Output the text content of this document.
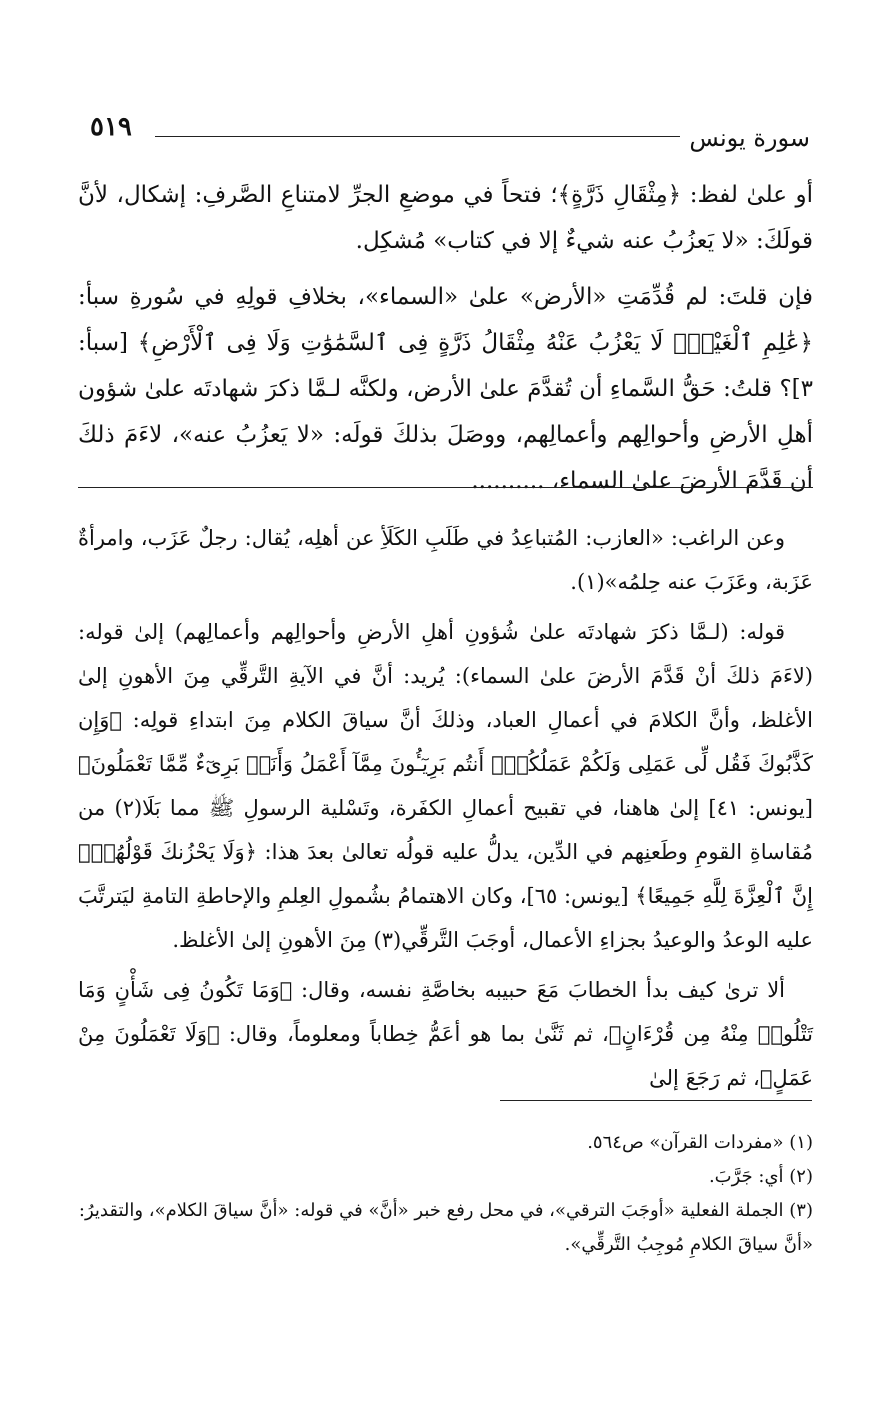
٥١٩	سورة يونس

أو علىٰ لفظ: ﴿مِثْقَالِ ذَرَّةٍ﴾؛ فتحاً في موضعِ الجرِّ لامتناعِ الصَّرفِ: إشكال، لأنَّ قولَكَ: «لا يَعزُبُ عنه شيءٌ إلا في كتاب» مُشكِل.

فإن قلتَ: لم قُدِّمَتِ «الأرض» علىٰ «السماء»، بخلافِ قولِهِ في سُورةِ سبأ: ﴿عَٰلِمِ ٱلْغَيْبِۖ لَا يَعْزُبُ عَنْهُ مِثْقَالُ ذَرَّةٍ فِى ٱلسَّمَٰوَٰتِ وَلَا فِى ٱلْأَرْضِ﴾ [سبأ: ٣]؟ قلتُ: حَقُّ السَّماءِ أن تُقدَّمَ علىٰ الأرض، ولكنَّه لـمَّا ذكرَ شهادتَه علىٰ شؤون أهلِ الأرضِ وأحوالِهم وأعمالِهم، ووصَلَ بذلكَ قولَه: «لا يَعزُبُ عنه»، لاءَمَ ذلكَ أن قَدَّمَ الأرضَ علىٰ السماء، ..........

وعن الراغب: «العازب: المُتباعِدُ في طَلَبِ الكَلَأِ عن أهلِه، يُقال: رجلٌ عَزَب، وامرأةٌ عَزَبة، وعَزَبَ عنه حِلمُه»(١).

قوله: (لـمَّا ذكرَ شهادتَه علىٰ شُؤونِ أهلِ الأرضِ وأحوالِهم وأعمالِهم) إلىٰ قوله: (لاءَمَ ذلكَ أنْ قَدَّمَ الأرضَ علىٰ السماء): يُريد: أنَّ في الآيةِ التَّرقِّي مِنَ الأهونِ إلىٰ الأغلظ، وأنَّ الكلامَ في أعمالِ العباد، وذلكَ أنَّ سياقَ الكلام مِنَ ابتداءِ قولِه: ﴿وَإِن كَذَّبُوكَ فَقُل لِّى عَمَلِى وَلَكُمْ عَمَلُكُمْۖ أَنتُم بَرِيٓـُٔونَ مِمَّآ أَعْمَلُ وَأَنَا۠ بَرِىٓءٌ مِّمَّا تَعْمَلُونَ﴾ [يونس: ٤١] إلىٰ هاهنا، في تقبيح أعمالِ الكفَرة، وتَسْلية الرسولِ ﷺ مما بَلَا(٢) من مُقاساةِ القومِ وطَعنِهم في الدِّين، يدلُّ عليه قولُه تعالىٰ بعدَ هذا: ﴿وَلَا يَحْزُنكَ قَوْلُهُمْۘ إِنَّ ٱلْعِزَّةَ لِلَّهِ جَمِيعًا﴾ [يونس: ٦٥]، وكان الاهتمامُ بشُمولِ العِلمِ والإحاطةِ التامةِ ليَترتَّبَ عليه الوعدُ والوعيدُ بجزاءِ الأعمال، أوجَبَ التَّرقِّي(٣) مِنَ الأهونِ إلىٰ الأغلظ.

ألا ترىٰ كيف بدأ الخطابَ مَعَ حبيبه بخاصَّةِ نفسه، وقال: ﴿وَمَا تَكُونُ فِى شَأْنٍ وَمَا تَتْلُوا۟ مِنْهُ مِن قُرْءَانٍ﴾، ثم ثَنَّىٰ بما هو أعَمُّ خِطاباً ومعلوماً، وقال: ﴿وَلَا تَعْمَلُونَ مِنْ عَمَلٍ﴾، ثم رَجَعَ إلىٰ

(١) «مفردات القرآن» ص٥٦٤.

(٢) أي: جَرَّبَ.

(٣) الجملة الفعلية «أوجَبَ الترقي»، في محل رفع خبر «أنَّ» في قوله: «أنَّ سياقَ الكلام»، والتقديرُ: «أنَّ سياقَ الكلامِ مُوجِبُ التَّرقِّي».
